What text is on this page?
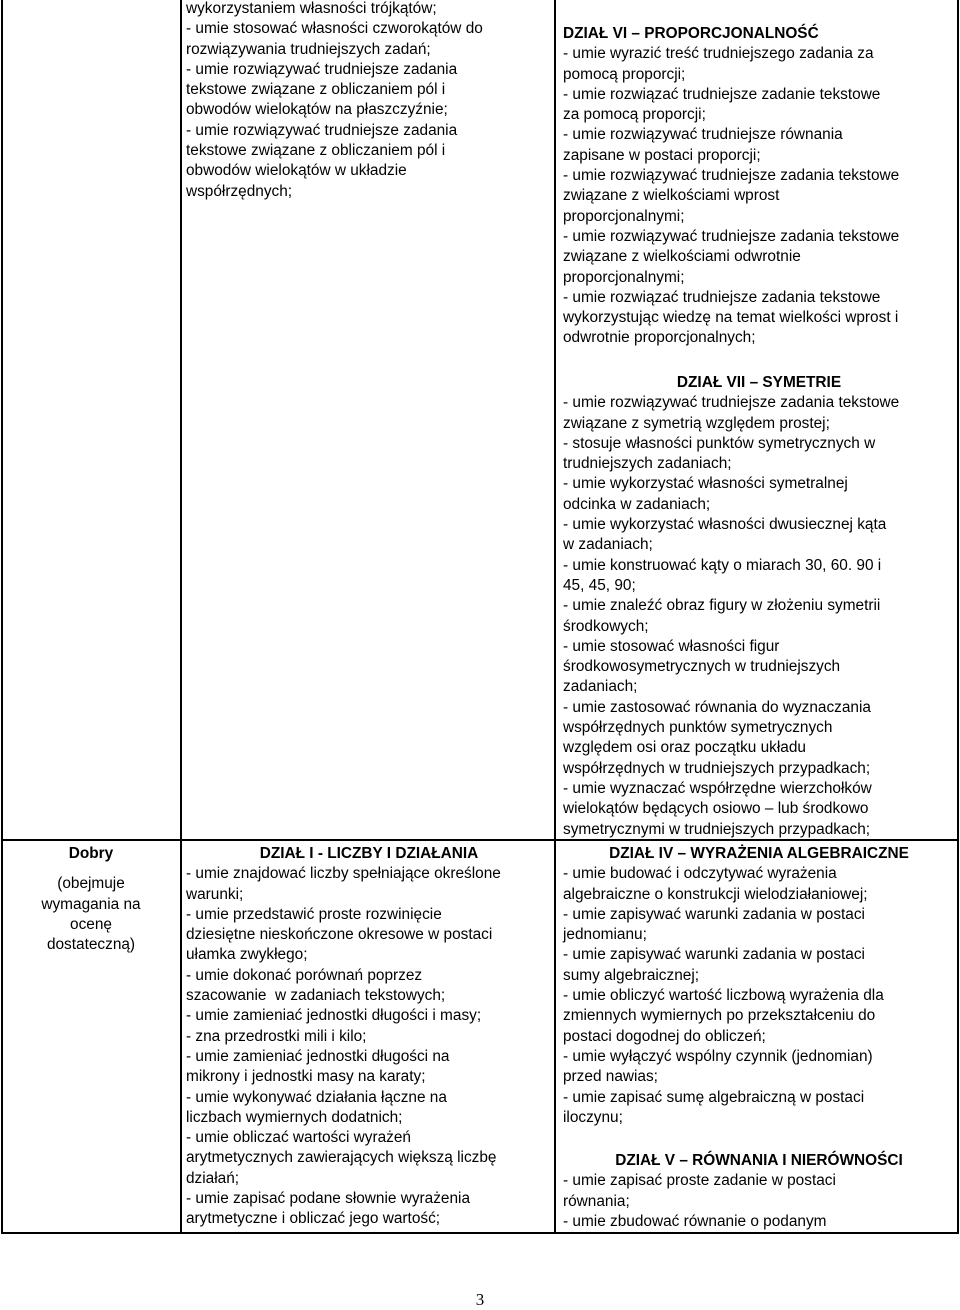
wykorzystaniem własności trójkątów;
- umie stosować własności czworokątów do
rozwiązywania trudniejszych zadań;
- umie rozwiązywać trudniejsze zadania
tekstowe związane z obliczaniem pól i
obwodów wielokątów na płaszczyźnie;
- umie rozwiązywać trudniejsze zadania
tekstowe związane z obliczaniem pól i
obwodów wielokątów w układzie
współrzędnych;
DZIAŁ VI – PROPORCJONALNOŚĆ
- umie wyrazić treść trudniejszego zadania za
pomocą proporcji;
- umie rozwiązać trudniejsze zadanie tekstowe
za pomocą proporcji;
- umie rozwiązywać trudniejsze równania
zapisane w postaci proporcji;
- umie rozwiązywać trudniejsze zadania tekstowe
związane z wielkościami wprost
proporcjonalnymi;
- umie rozwiązywać trudniejsze zadania tekstowe
związane z wielkościami odwrotnie
proporcjonalnymi;
- umie rozwiązać trudniejsze zadania tekstowe
wykorzystując wiedzę na temat wielkości wprost i
odwrotnie proporcjonalnych;
DZIAŁ VII – SYMETRIE
- umie rozwiązywać trudniejsze zadania tekstowe
związane z symetrią względem prostej;
- stosuje własności punktów symetrycznych w
trudniejszych zadaniach;
- umie wykorzystać własności symetralnej
odcinka w zadaniach;
- umie wykorzystać własności dwusiecznej kąta
w zadaniach;
- umie konstruować kąty o miarach 30, 60. 90 i
45, 45, 90;
- umie znaleźć obraz figury w złożeniu symetrii
środkowych;
- umie stosować własności figur
środkowosymetrycznych w trudniejszych
zadaniach;
- umie zastosować równania do wyznaczania
współrzędnych punktów symetrycznych
względem osi oraz początku układu
współrzędnych w trudniejszych przypadkach;
- umie wyznaczać współrzędne wierzchołków
wielokątów będących osiowo – lub środkowo
symetrycznymi w trudniejszych przypadkach;
Dobry
(obejmuje
wymagania na
ocenę
dostateczną)
DZIAŁ I - LICZBY I DZIAŁANIA
- umie znajdować liczby spełniające określone
warunki;
- umie przedstawić proste rozwinięcie
dziesiętne nieskończone okresowe w postaci
ułamka zwykłego;
- umie dokonać porównań poprzez
szacowanie  w zadaniach tekstowych;
- umie zamieniać jednostki długości i masy;
- zna przedrostki mili i kilo;
- umie zamieniać jednostki długości na
mikrony i jednostki masy na karaty;
- umie wykonywać działania łączne na
liczbach wymiernych dodatnich;
- umie obliczać wartości wyrażeń
arytmetycznych zawierających większą liczbę
działań;
- umie zapisać podane słownie wyrażenia
arytmetyczne i obliczać jego wartość;
DZIAŁ IV – WYRAŻENIA ALGEBRAICZNE
- umie budować i odczytywać wyrażenia
algebraiczne o konstrukcji wielodziałaniowej;
- umie zapisywać warunki zadania w postaci
jednomianu;
- umie zapisywać warunki zadania w postaci
sumy algebraicznej;
- umie obliczyć wartość liczbową wyrażenia dla
zmiennych wymiernych po przekształceniu do
postaci dogodnej do obliczeń;
- umie wyłączyć wspólny czynnik (jednomian)
przed nawias;
- umie zapisać sumę algebraiczną w postaci
iloczynu;
DZIAŁ V – RÓWNANIA I NIERÓWNOŚCI
- umie zapisać proste zadanie w postaci
równania;
- umie zbudować równanie o podanym
3
